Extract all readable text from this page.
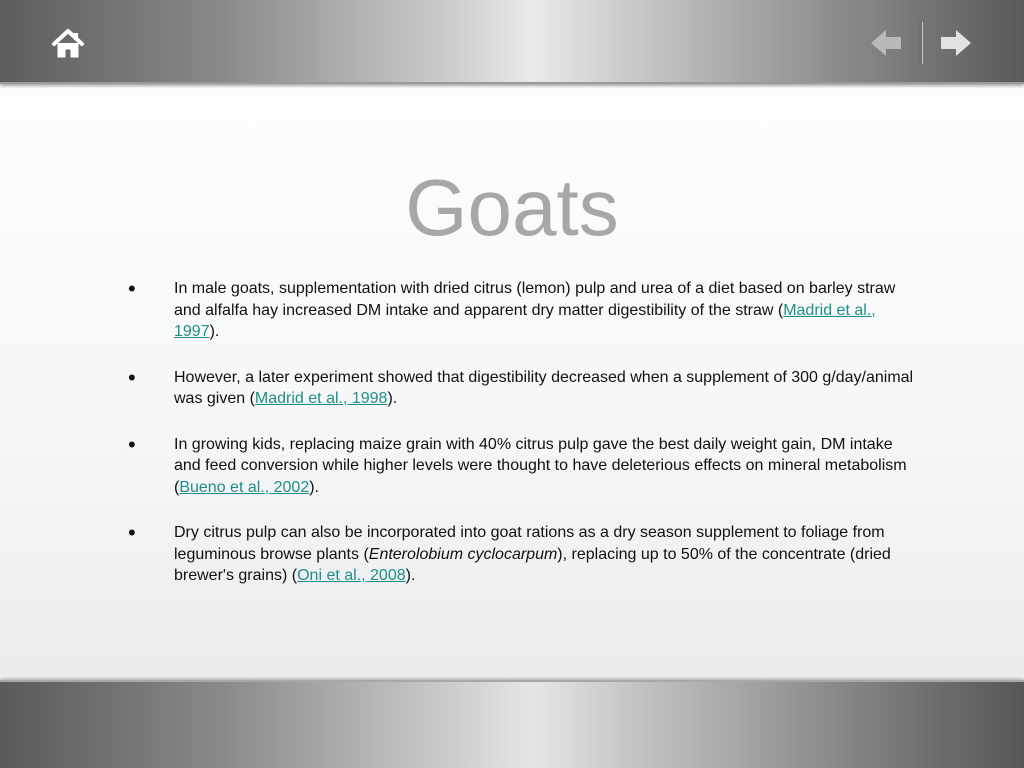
Goats
• In male goats, supplementation with dried citrus (lemon) pulp and urea of a diet based on barley straw and alfalfa hay increased DM intake and apparent dry matter digestibility of the straw (Madrid et al., 1997).
• However, a later experiment showed that digestibility decreased when a supplement of 300 g/day/animal was given (Madrid et al., 1998).
• In growing kids, replacing maize grain with 40% citrus pulp gave the best daily weight gain, DM intake and feed conversion while higher levels were thought to have deleterious effects on mineral metabolism (Bueno et al., 2002).
• Dry citrus pulp can also be incorporated into goat rations as a dry season supplement to foliage from leguminous browse plants (Enterolobium cyclocarpum), replacing up to 50% of the concentrate (dried brewer's grains) (Oni et al., 2008).
